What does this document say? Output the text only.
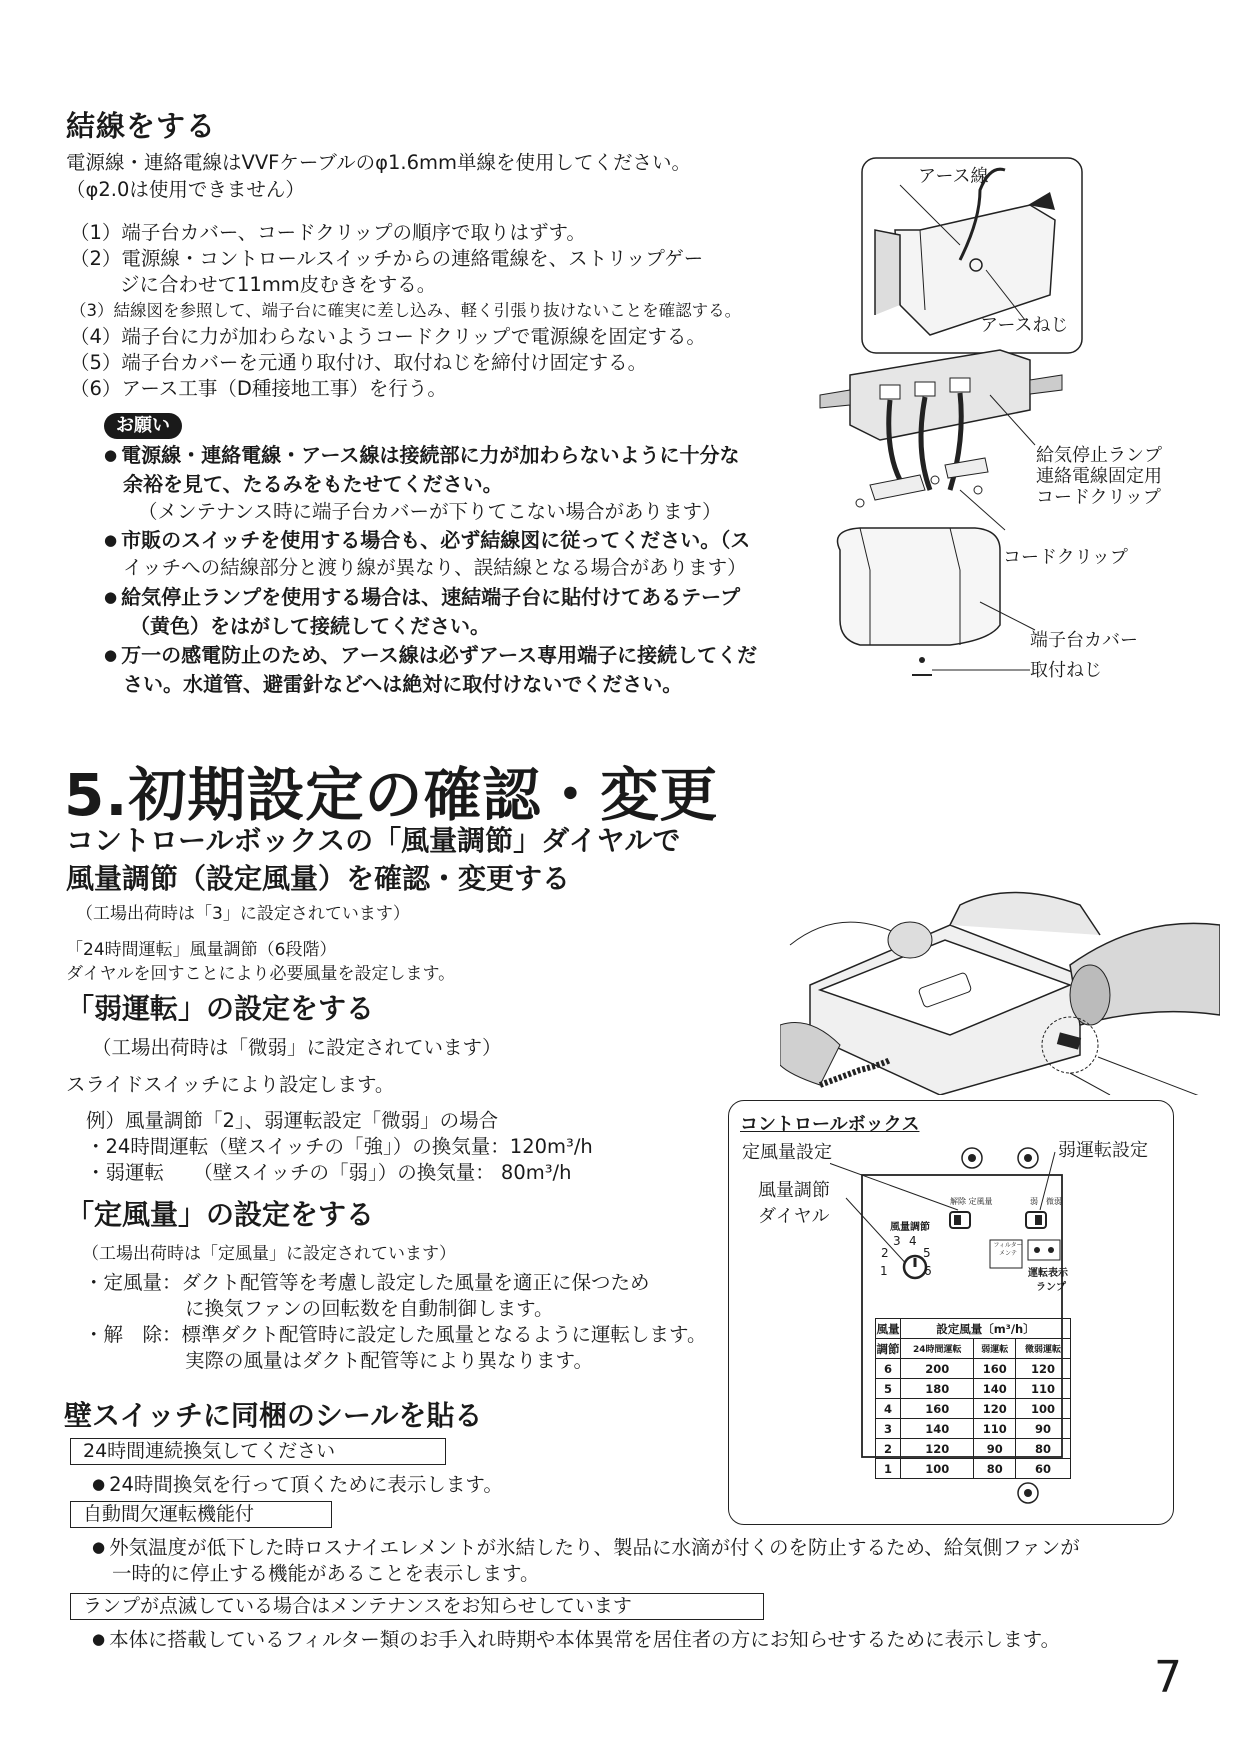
結線をする
電源線・連絡電線はVVFケーブルのφ1.6mm単線を使用してください。
（φ2.0は使用できません）
（1）端子台カバー、コードクリップの順序で取りはずす。
（2）電源線・コントロールスイッチからの連絡電線を、ストリップゲー
ジに合わせて11mm皮むきをする。
（3）結線図を参照して、端子台に確実に差し込み、軽く引張り抜けないことを確認する。
（4）端子台に力が加わらないようコードクリップで電源線を固定する。
（5）端子台カバーを元通り取付け、取付ねじを締付け固定する。
（6）アース工事（D種接地工事）を行う。
お願い
● 電源線・連絡電線・アース線は接続部に力が加わらないように十分な
余裕を見て、たるみをもたせてください。
（メンテナンス時に端子台カバーが下りてこない場合があります）
● 市販のスイッチを使用する場合も、必ず結線図に従ってください。（ス
イッチへの結線部分と渡り線が異なり、誤結線となる場合があります）
● 給気停止ランプを使用する場合は、速結端子台に貼付けてあるテープ
（黄色）をはがして接続してください。
● 万一の感電防止のため、アース線は必ずアース専用端子に接続してくだ
さい。水道管、避雷針などへは絶対に取付けないでください。
アース線
アースねじ
給気停止ランプ
連絡電線固定用
コードクリップ
コードクリップ
端子台カバー
取付ねじ
5.初期設定の確認・変更
コントロールボックスの「風量調節」ダイヤルで
風量調節（設定風量）を確認・変更する
（工場出荷時は「3」に設定されています）
「24時間運転」風量調節（6段階）
ダイヤルを回すことにより必要風量を設定します。
「弱運転」の設定をする
（工場出荷時は「微弱」に設定されています）
スライドスイッチにより設定します。
例）風量調節「2」、弱運転設定「微弱」の場合
・24時間運転（壁スイッチの「強」）の換気量：120m³/h
・弱運転　　（壁スイッチの「弱」）の換気量： 80m³/h
「定風量」の設定をする
（工場出荷時は「定風量」に設定されています）
・定風量：ダクト配管等を考慮し設定した風量を適正に保つため
に換気ファンの回転数を自動制御します。
・解　除：標準ダクト配管時に設定した風量となるように運転します。
実際の風量はダクト配管等により異なります。
壁スイッチに同梱のシールを貼る
24時間連続換気してください
● 24時間換気を行って頂くために表示します。
自動間欠運転機能付
● 外気温度が低下した時ロスナイエレメントが氷結したり、製品に水滴が付くのを防止するため、給気側ファンが
一時的に停止する機能があることを表示します。
ランプが点滅している場合はメンテナンスをお知らせしています
● 本体に搭載しているフィルター類のお手入れ時期や本体異常を居住者の方にお知らせするために表示します。
コントロールボックス
定風量設定	弱運転設定
風量調節
ダイヤル
解除 定風量	弱　微弱
風量調節
1
2
3 4
5
6
フィルター
メンテ
運転表示
ランプ
風量	設定風量〔m³/h〕		
調節	24時間運転	弱運転	微弱運転
6	200	160	120
5	180	140	110
4	160	120	100
3	140	110	90
2	120	90	80
1	100	80	60
7
